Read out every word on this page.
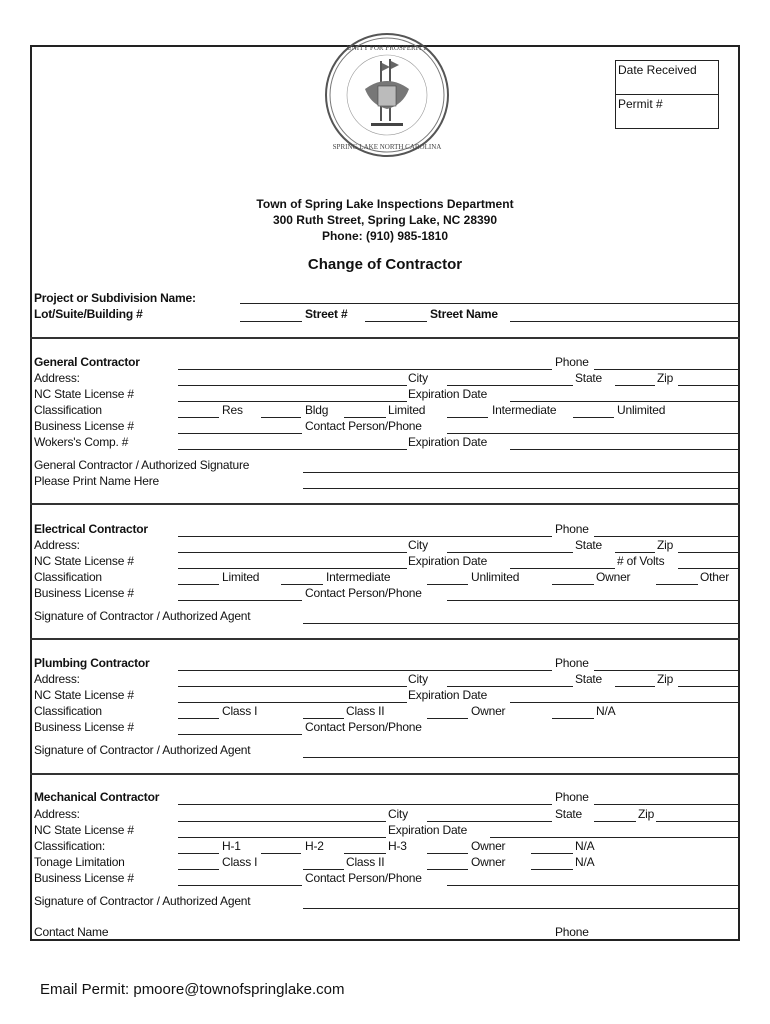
UNITY FOR PROSPERITY
SPRING LAKE NORTH CAROLINA
Date Received
Permit #
Town of Spring Lake Inspections Department
300 Ruth Street, Spring Lake, NC 28390
Phone: (910) 985-1810
Change of Contractor
Project or Subdivision Name:
Lot/Suite/Building #	Street #	Street Name
General Contractor	Phone
Address:	City	State	Zip
NC State License #	Expiration Date
Classification	Res	Bldg	Limited	Intermediate	Unlimited
Business License #	Contact Person/Phone
Wokers's Comp. #	Expiration Date
General Contractor / Authorized Signature
Please Print Name Here
Electrical Contractor	Phone
Address:	City	State	Zip
NC State License #	Expiration Date	# of Volts
Classification	Limited	Intermediate	Unlimited	Owner	Other
Business License #	Contact Person/Phone
Signature of Contractor / Authorized Agent
Plumbing Contractor	Phone
Address:	City	State	Zip
NC State License #	Expiration Date
Classification	Class I	Class II	Owner	N/A
Business License #	Contact Person/Phone
Signature of Contractor / Authorized Agent
Mechanical Contractor	Phone
Address:	City	State	Zip
NC State License #	Expiration Date
Classification:	H-1	H-2	H-3	Owner	N/A
Tonage Limitation	Class I	Class II	Owner	N/A
Business License #	Contact Person/Phone
Signature of Contractor / Authorized Agent
Contact Name	Phone
Email Permit: pmoore@townofspringlake.com
